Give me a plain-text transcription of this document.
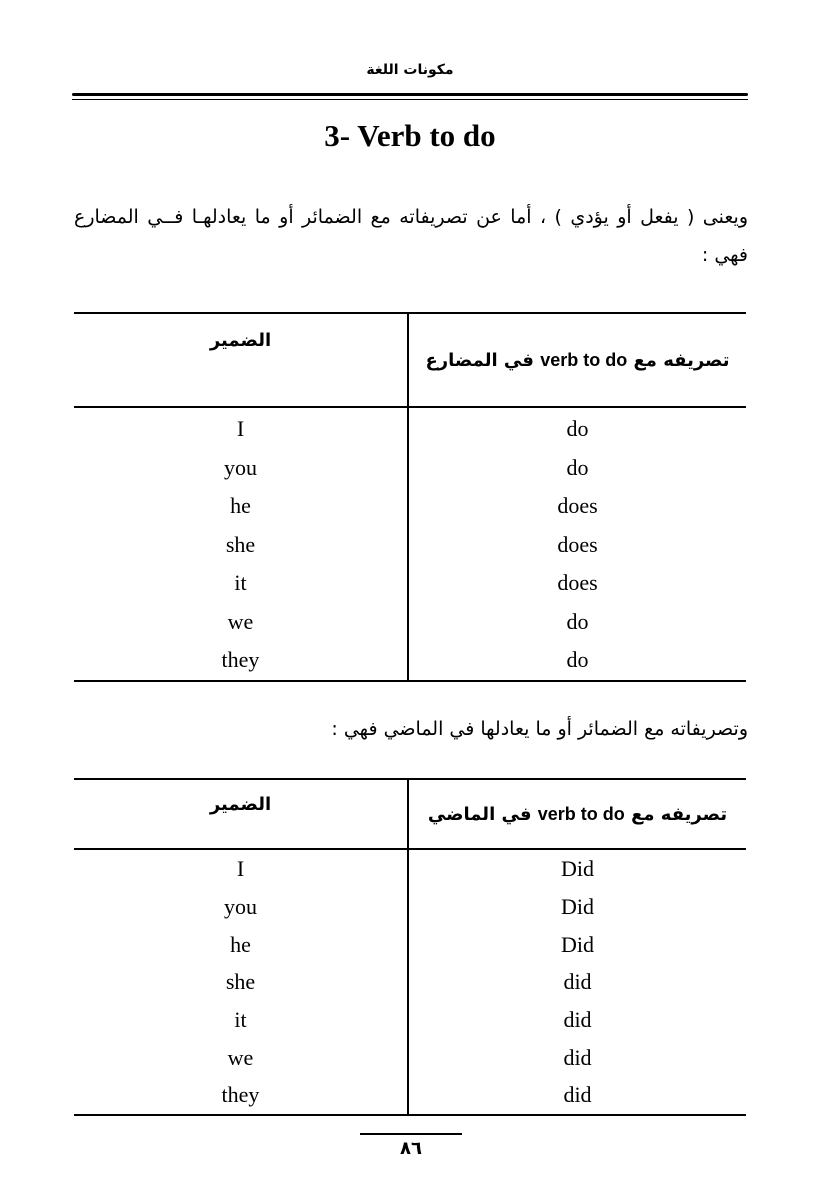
مكونات اللغة
3- Verb to do
ويعنى ( يفعل أو يؤدي ) ، أما عن تصريفاته مع الضمائر أو ما يعادلهـا فــي المضارع فهي :
الضمير	تصريفه مع verb to do في المضارع
I	do
you	do
he	does
she	does
it	does
we	do
they	do
وتصريفاته مع الضمائر أو ما يعادلها في الماضي فهي :
الضمير	تصريفه مع verb to do في الماضي
I	Did
you	Did
he	Did
she	did
it	did
we	did
they	did
٨٦
